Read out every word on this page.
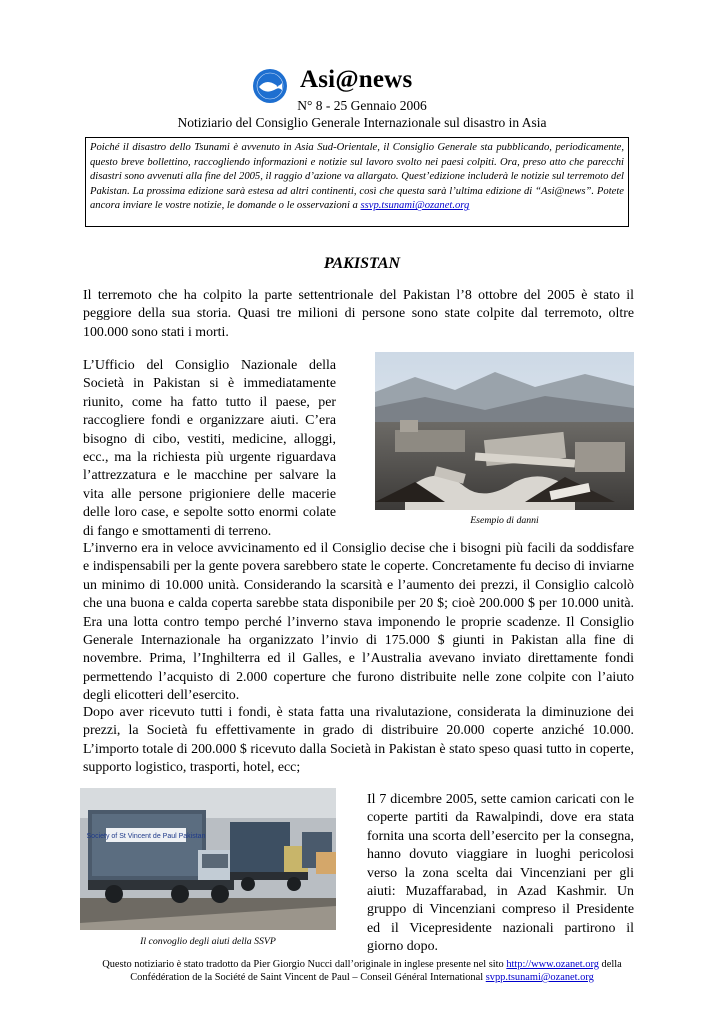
Asi@news
N° 8 - 25 Gennaio 2006
Notiziario del Consiglio Generale Internazionale sul disastro in Asia
Poiché il disastro dello Tsunami è avvenuto in Asia Sud-Orientale, il Consiglio Generale sta pubblicando, periodicamente, questo breve bollettino, raccogliendo informazioni e notizie sul lavoro svolto nei paesi colpiti. Ora, preso atto che parecchi disastri sono avvenuti alla fine del 2005, il raggio d’azione va allargato. Quest’edizione includerà le notizie sul terremoto del Pakistan. La prossima edizione sarà estesa ad altri continenti, così che questa sarà l’ultima edizione di “Asi@news”. Potete ancora inviare le vostre notizie, le domande o le osservazioni a ssvp.tsunami@ozanet.org
PAKISTAN

Il terremoto che ha colpito la parte settentrionale del Pakistan l’8 ottobre del 2005 è stato il peggiore della sua storia. Quasi tre milioni di persone sono state colpite dal terremoto, oltre 100.000 sono stati i morti.

L’Ufficio del Consiglio Nazionale della Società in Pakistan si è immediatamente riunito, come ha fatto tutto il paese, per raccogliere fondi e organizzare aiuti. C’era bisogno di cibo, vestiti, medicine, alloggi, ecc., ma la richiesta più urgente riguardava l’attrezzatura e le macchine per salvare la vita alle persone prigioniere delle macerie delle loro case, e sepolte sotto enormi colate di fango e smottamenti di terreno.

Esempio di danni

L’inverno era in veloce avvicinamento ed il Consiglio decise che i bisogni più facili da soddisfare e indispensabili per la gente povera sarebbero state le coperte. Concretamente fu deciso di inviarne un minimo di 10.000 unità. Considerando la scarsità e l’aumento dei prezzi, il Consiglio calcolò che una buona e calda coperta sarebbe stata disponibile per 20 $; cioè 200.000 $ per 10.000 unità. Era una lotta contro tempo perché l’inverno stava imponendo le proprie scadenze. Il Consiglio Generale Internazionale ha organizzato l’invio di 175.000 $ giunti in Pakistan alla fine di novembre. Prima, l’Inghilterra ed il Galles, e l’Australia avevano inviato direttamente fondi permettendo l’acquisto di 2.000 coperture che furono distribuite nelle zone colpite con l’aiuto degli elicotteri dell’esercito.

Dopo aver ricevuto tutti i fondi, è stata fatta una rivalutazione, considerata la diminuzione dei prezzi, la Società fu effettivamente in grado di distribuire 20.000 coperte anziché 10.000. L’importo totale di 200.000 $ ricevuto dalla Società in Pakistan è stato speso quasi tutto in coperte, supporto logistico, trasporti, hotel, ecc;

Society of St Vincent de Paul Pakistan
Il convoglio degli aiuti della SSVP

Il 7 dicembre 2005, sette camion caricati con le coperte partiti da Rawalpindi, dove era stata fornita una scorta dell’esercito per la consegna, hanno dovuto viaggiare in luoghi pericolosi verso la zona scelta dai Vincenziani per gli aiuti: Muzaffarabad, in Azad Kashmir. Un gruppo di Vincenziani compreso il Presidente ed il Vicepresidente nazionali partirono il giorno dopo.

Questo notiziario è stato tradotto da Pier Giorgio Nucci dall’originale in inglese presente nel sito http://www.ozanet.org della
Confédération de la Société de Saint Vincent de Paul – Conseil Général International svpp.tsunami@ozanet.org
